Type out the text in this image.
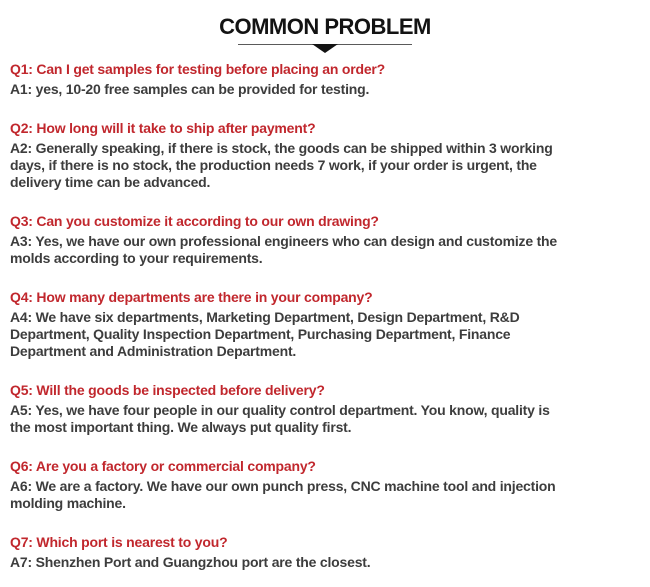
COMMON PROBLEM
Q1: Can I get samples for testing before placing an order?
A1: yes, 10-20 free samples can be provided for testing.
Q2: How long will it take to ship after payment?
A2: Generally speaking, if there is stock, the goods can be shipped within 3 working
days, if there is no stock, the production needs 7 work, if your order is urgent, the
delivery time can be advanced.
Q3: Can you customize it according to our own drawing?
A3: Yes, we have our own professional engineers who can design and customize the
molds according to your requirements.
Q4: How many departments are there in your company?
A4: We have six departments, Marketing Department, Design Department, R&D
Department, Quality Inspection Department, Purchasing Department, Finance
Department and Administration Department.
Q5: Will the goods be inspected before delivery?
A5: Yes, we have four people in our quality control department. You know, quality is
the most important thing. We always put quality first.
Q6: Are you a factory or commercial company?
A6: We are a factory. We have our own punch press, CNC machine tool and injection
molding machine.
Q7: Which port is nearest to you?
A7: Shenzhen Port and Guangzhou port are the closest.
